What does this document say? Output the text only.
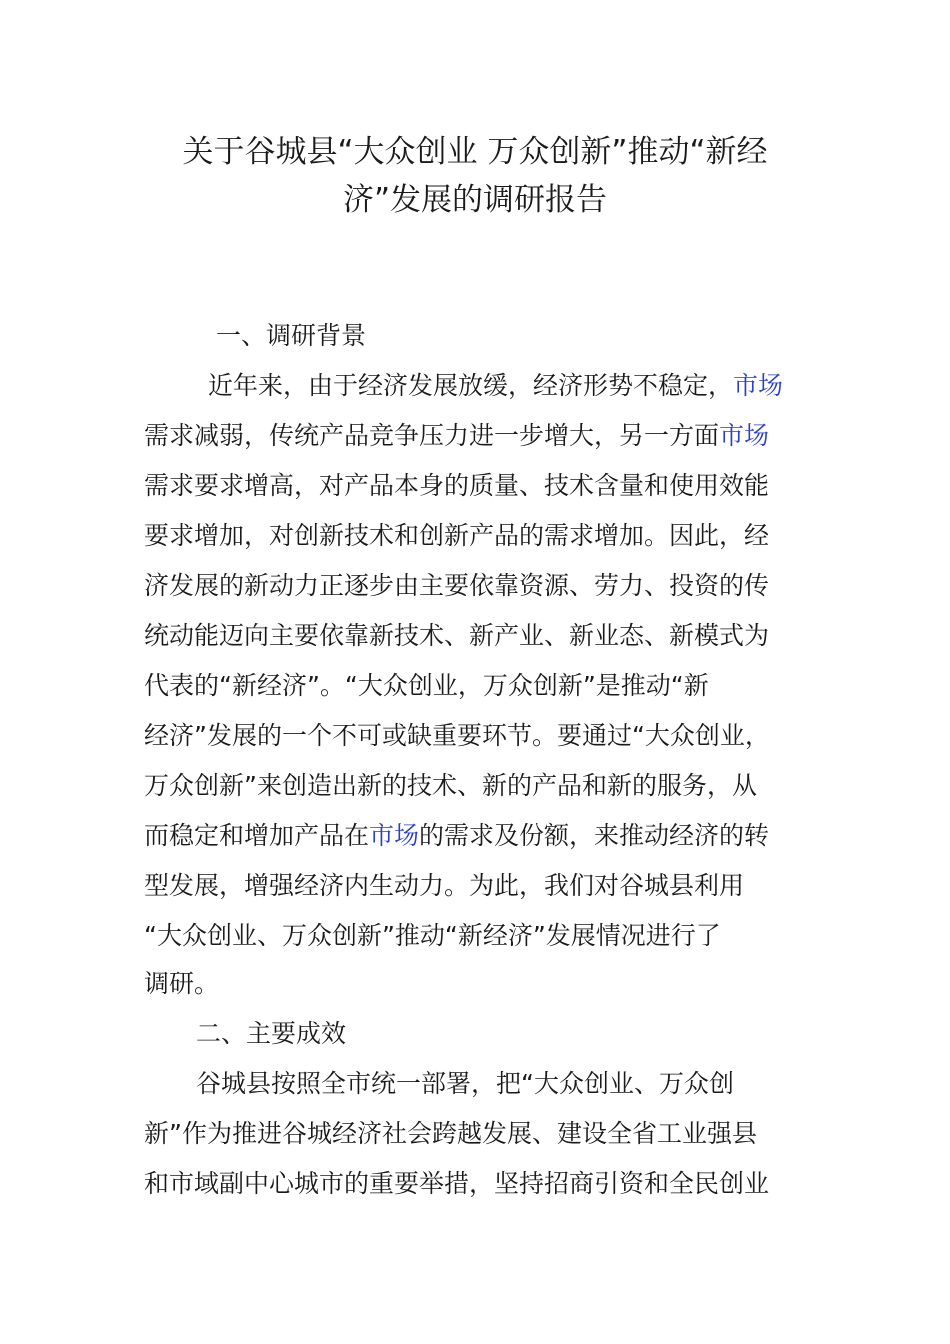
关于谷城县“大众创业 万众创新”推动“新经
济”发展的调研报告

一、调研背景

近年来，由于经济发展放缓，经济形势不稳定，市场

需求减弱，传统产品竞争压力进一步增大，另一方面市场

需求要求增高，对产品本身的质量、技术含量和使用效能

要求增加，对创新技术和创新产品的需求增加。因此，经

济发展的新动力正逐步由主要依靠资源、劳力、投资的传

统动能迈向主要依靠新技术、新产业、新业态、新模式为

代表的“新经济”。“大众创业，万众创新”是推动“新

经济”发展的一个不可或缺重要环节。要通过“大众创业，

万众创新”来创造出新的技术、新的产品和新的服务，从

而稳定和增加产品在市场的需求及份额，来推动经济的转

型发展，增强经济内生动力。为此，我们对谷城县利用

“大众创业、万众创新”推动“新经济”发展情况进行了

调研。

二、主要成效

谷城县按照全市统一部署，把“大众创业、万众创

新”作为推进谷城经济社会跨越发展、建设全省工业强县

和市域副中心城市的重要举措，坚持招商引资和全民创业
